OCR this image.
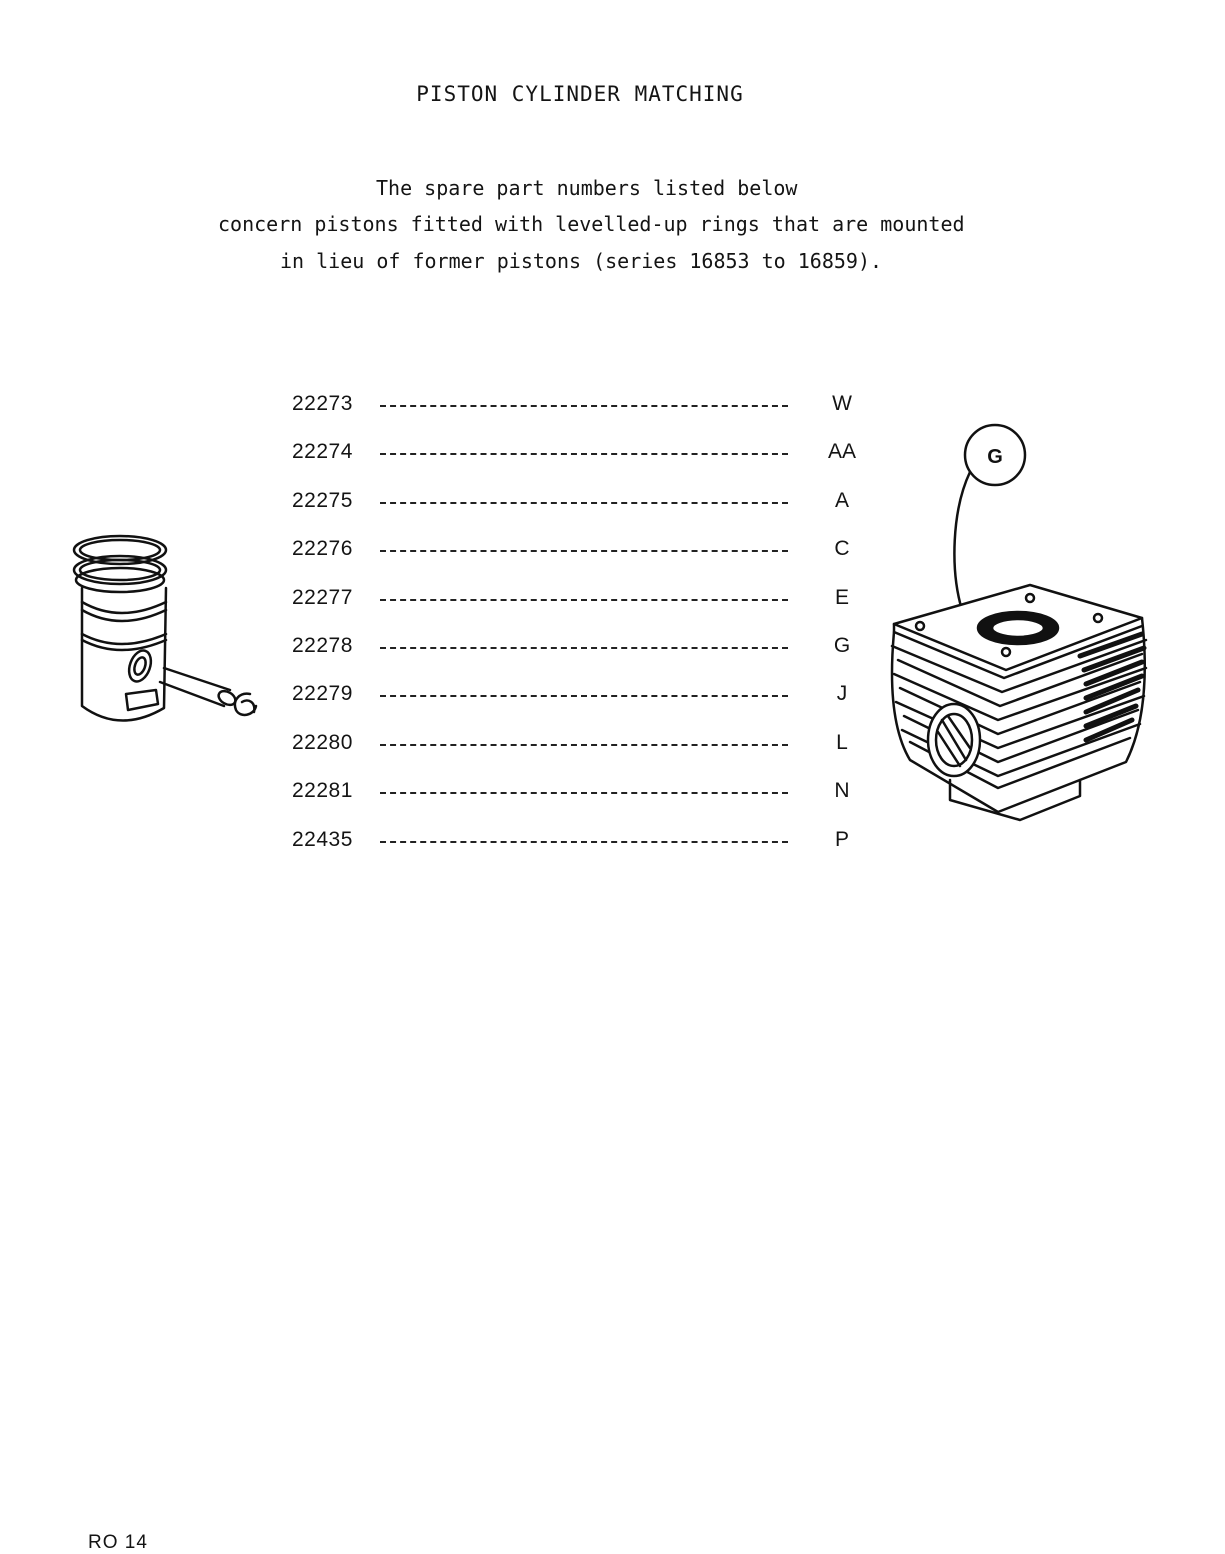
PISTON CYLINDER MATCHING
The spare part numbers listed below
concern pistons fitted with levelled-up rings that are mounted
in lieu of former pistons (series 16853 to 16859).
22273	W
22274	AA
22275	A
22276	C
22277	E
22278	G
22279	J
22280	L
22281	N
22435	P
G
RO 14
